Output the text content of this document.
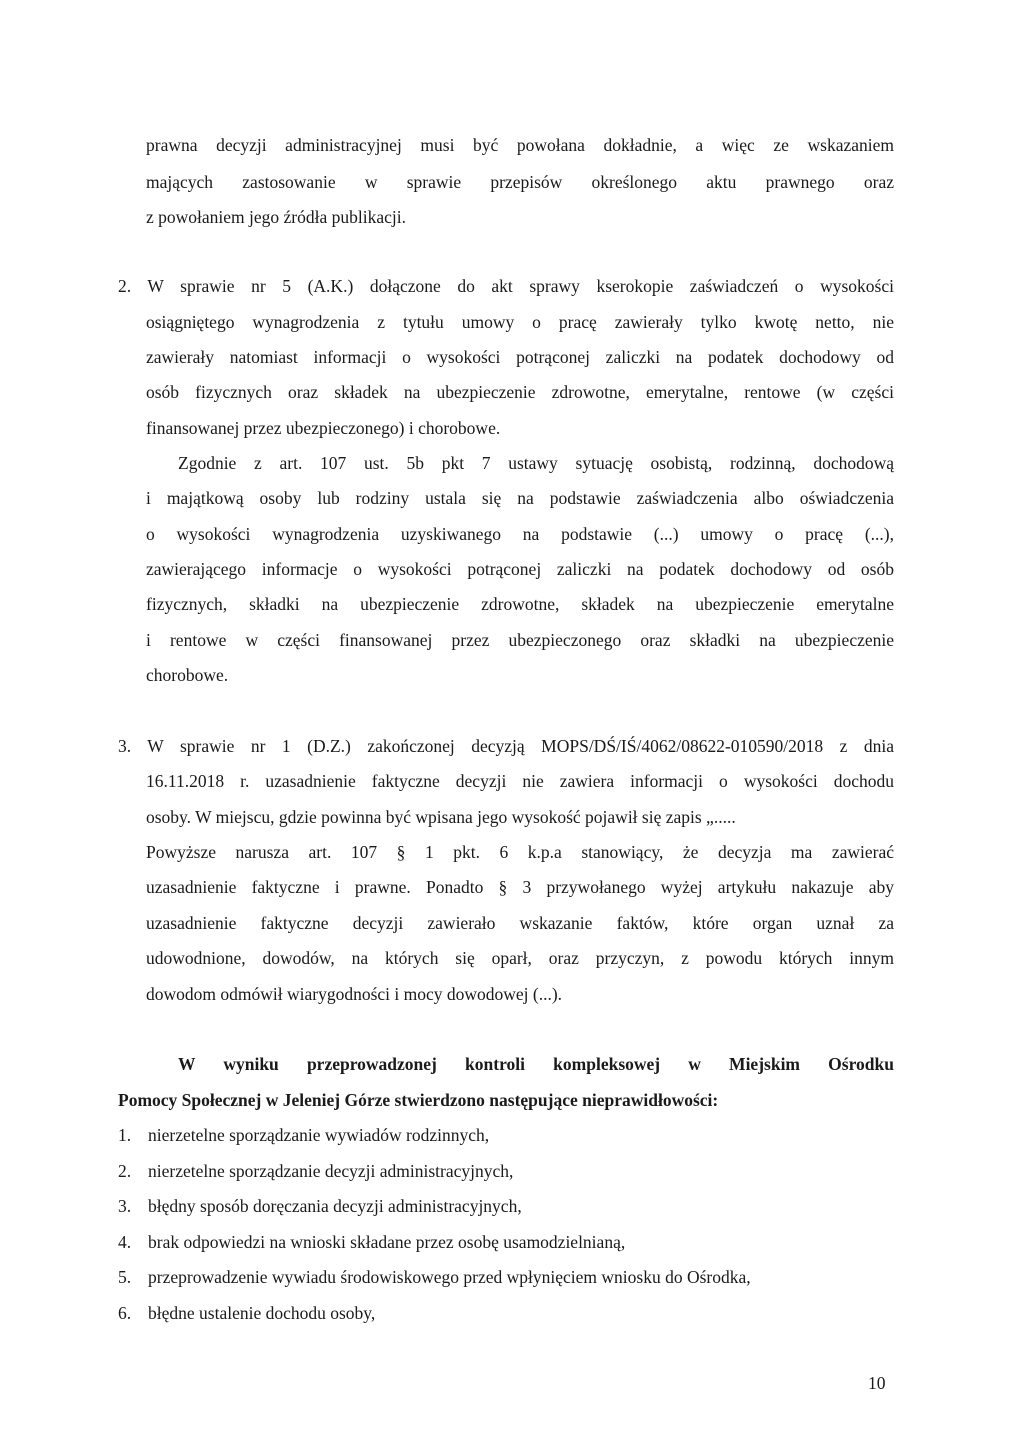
prawna decyzji administracyjnej musi być powołana dokładnie, a więc ze wskazaniem
mających zastosowanie w sprawie przepisów określonego aktu prawnego oraz
z powołaniem jego źródła publikacji.
2. W sprawie nr 5 (A.K.) dołączone do akt sprawy kserokopie zaświadczeń o wysokości
osiągniętego wynagrodzenia z tytułu umowy o pracę zawierały tylko kwotę netto, nie
zawierały natomiast informacji o wysokości potrąconej zaliczki na podatek dochodowy od
osób fizycznych oraz składek na ubezpieczenie zdrowotne, emerytalne, rentowe (w części
finansowanej przez ubezpieczonego) i chorobowe.
Zgodnie z art. 107 ust. 5b pkt 7 ustawy sytuację osobistą, rodzinną, dochodową
i majątkową osoby lub rodziny ustala się na podstawie zaświadczenia albo oświadczenia
o wysokości wynagrodzenia uzyskiwanego na podstawie (...) umowy o pracę (...),
zawierającego informacje o wysokości potrąconej zaliczki na podatek dochodowy od osób
fizycznych, składki na ubezpieczenie zdrowotne, składek na ubezpieczenie emerytalne
i rentowe w części finansowanej przez ubezpieczonego oraz składki na ubezpieczenie
chorobowe.
3. W sprawie nr 1 (D.Z.) zakończonej decyzją MOPS/DŚ/IŚ/4062/08622-010590/2018 z dnia
16.11.2018 r. uzasadnienie faktyczne decyzji nie zawiera informacji o wysokości dochodu
osoby. W miejscu, gdzie powinna być wpisana jego wysokość pojawił się zapis „.....
Powyższe narusza art. 107 § 1 pkt. 6 k.p.a stanowiący, że decyzja ma zawierać
uzasadnienie faktyczne i prawne. Ponadto § 3 przywołanego wyżej artykułu nakazuje aby
uzasadnienie faktyczne decyzji zawierało wskazanie faktów, które organ uznał za
udowodnione, dowodów, na których się oparł, oraz przyczyn, z powodu których innym
dowodom odmówił wiarygodności i mocy dowodowej (...).
W wyniku przeprowadzonej kontroli kompleksowej w Miejskim Ośrodku
Pomocy Społecznej w Jeleniej Górze stwierdzono następujące nieprawidłowości:
1. nierzetelne sporządzanie wywiadów rodzinnych,
2. nierzetelne sporządzanie decyzji administracyjnych,
3. błędny sposób doręczania decyzji administracyjnych,
4. brak odpowiedzi na wnioski składane przez osobę usamodzielnianą,
5. przeprowadzenie wywiadu środowiskowego przed wpłynięciem wniosku do Ośrodka,
6. błędne ustalenie dochodu osoby,
10
